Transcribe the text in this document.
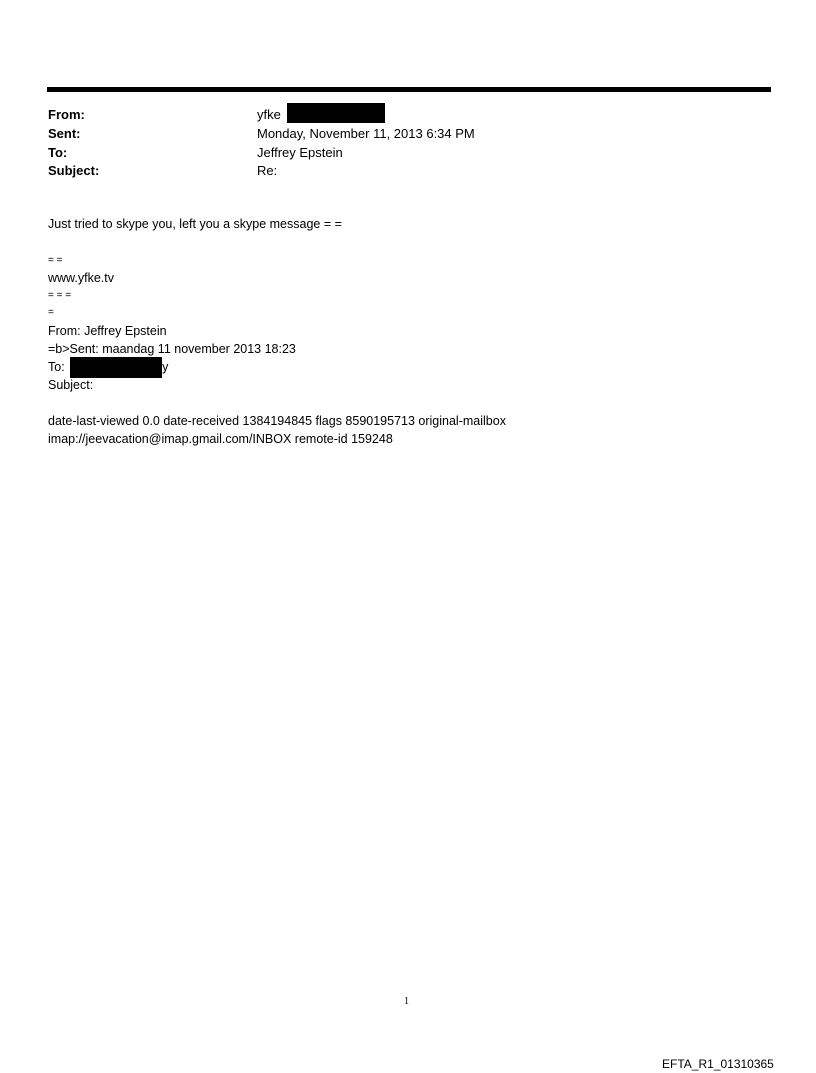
From:	yfke
Sent:	Monday, November 11, 2013 6:34 PM
To:	Jeffrey Epstein
Subject:	Re:
Just tried to skype you, left you a skype message = =
= =
www.yfke.tv
= = =
=
From: Jeffrey Epstein
=b>Sent: maandag 11 november 2013 18:23
To:	y
Subject:
date-last-viewed 0.0 date-received 1384194845 flags 8590195713 original-mailbox
imap://jeevacation@imap.gmail.com/INBOX remote-id 159248
1
EFTA_R1_01310365
